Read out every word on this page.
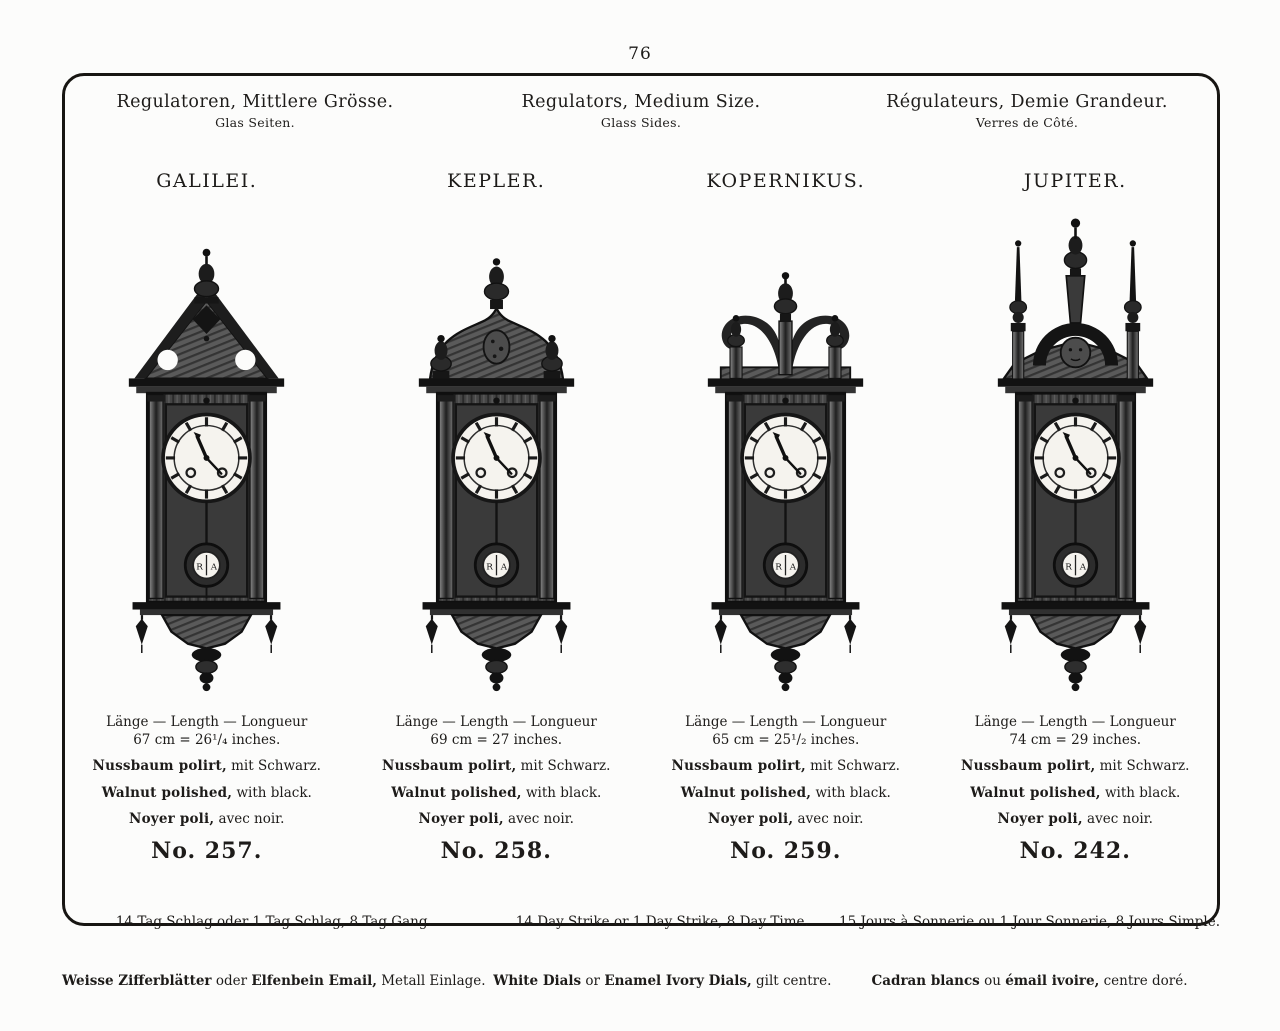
76
Regulatoren, Mittlere Grösse.
Glas Seiten.
Regulators, Medium Size.
Glass Sides.
Régulateurs, Demie Grandeur.
Verres de Côté.
GALILEI.
Länge — Length — Longueur
67 cm = 26¹/₄ inches.
Nussbaum polirt, mit Schwarz.
Walnut polished, with black.
Noyer poli, avec noir.
No. 257.
KEPLER.
Länge — Length — Longueur
69 cm = 27 inches.
Nussbaum polirt, mit Schwarz.
Walnut polished, with black.
Noyer poli, avec noir.
No. 258.
KOPERNIKUS.
Länge — Length — Longueur
65 cm = 25¹/₂ inches.
Nussbaum polirt, mit Schwarz.
Walnut polished, with black.
Noyer poli, avec noir.
No. 259.
JUPITER.
Länge — Length — Longueur
74 cm = 29 inches.
Nussbaum polirt, mit Schwarz.
Walnut polished, with black.
Noyer poli, avec noir.
No. 242.

14 Tag Schlag oder 1 Tag Schlag, 8 Tag Gang.

Weisse Zifferblätter oder Elfenbein Email, Metall Einlage.

14 Day Strike or 1 Day Strike, 8 Day Time.

White Dials or Enamel Ivory Dials, gilt centre.

15 Jours à Sonnerie ou 1 Jour Sonnerie, 8 Jours Simple.

Cadran blancs ou émail ivoire, centre doré.
